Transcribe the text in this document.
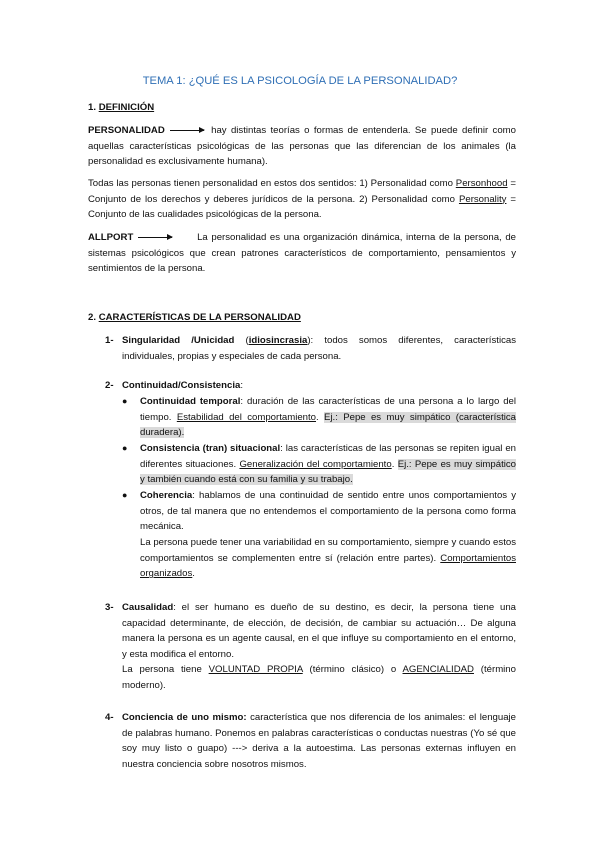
TEMA 1: ¿QUÉ ES LA PSICOLOGÍA DE LA PERSONALIDAD?
1. DEFINICIÓN

PERSONALIDAD	hay distintas teorías o formas de entenderla. Se puede definir como aquellas características psicológicas de las personas que las diferencian de los animales (la personalidad es exclusivamente humana).

Todas las personas tienen personalidad en estos dos sentidos: 1) Personalidad como Personhood = Conjunto de los derechos y deberes jurídicos de la persona. 2) Personalidad como Personality = Conjunto de las cualidades psicológicas de la persona.

ALLPORT	La personalidad es una organización dinámica, interna de la persona, de sistemas psicológicos que crean patrones característicos de comportamiento, pensamientos y sentimientos de la persona.

2. CARACTERÍSTICAS DE LA PERSONALIDAD
1- Singularidad /Unicidad (idiosincrasia): todos somos diferentes, características individuales, propias y especiales de cada persona.

2- Continuidad/Consistencia:

● Continuidad temporal: duración de las características de una persona a lo largo del tiempo. Estabilidad del comportamiento. Ej.: Pepe es muy simpático (característica duradera).

● Consistencia (tran) situacional: las características de las personas se repiten igual en diferentes situaciones. Generalización del comportamiento. Ej.: Pepe es muy simpático y también cuando está con su familia y su trabajo.

● Coherencia: hablamos de una continuidad de sentido entre unos comportamientos y otros, de tal manera que no entendemos el comportamiento de la persona como forma mecánica.

La persona puede tener una variabilidad en su comportamiento, siempre y cuando estos comportamientos se complementen entre sí (relación entre partes). Comportamientos organizados.

3- Causalidad: el ser humano es dueño de su destino, es decir, la persona tiene una capacidad determinante, de elección, de decisión, de cambiar su actuación… De alguna manera la persona es un agente causal, en el que influye su comportamiento en el entorno, y esta modifica el entorno.

La persona tiene VOLUNTAD PROPIA (término clásico) o AGENCIALIDAD (término moderno).

4- Conciencia de uno mismo: característica que nos diferencia de los animales: el lenguaje de palabras humano. Ponemos en palabras características o conductas nuestras (Yo sé que soy muy listo o guapo) ---> deriva a la autoestima. Las personas externas influyen en nuestra conciencia sobre nosotros mismos.
